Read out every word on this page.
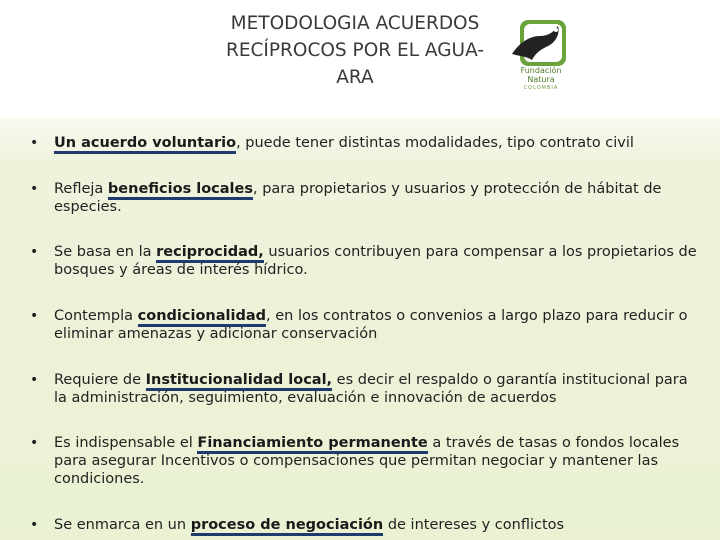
METODOLOGIA ACUERDOS
RECÍPROCOS POR EL AGUA-
ARA	Fundación
Natura
COLOMBIA
• Un acuerdo voluntario, puede tener distintas modalidades, tipo contrato civil
• Refleja beneficios locales, para propietarios y usuarios y protección de hábitat de especies.
• Se basa en la reciprocidad, usuarios contribuyen para compensar a los propietarios de bosques y áreas de interés hídrico.
• Contempla condicionalidad, en los contratos o convenios a largo plazo para reducir o eliminar amenazas y adicionar conservación
• Requiere de Institucionalidad local, es decir el respaldo o garantía institucional para la administración, seguimiento, evaluación e innovación de acuerdos
• Es indispensable el Financiamiento permanente a través de tasas o fondos locales para asegurar Incentivos o compensaciones que permitan negociar y mantener las condiciones.
• Se enmarca en un proceso de negociación de intereses y conflictos
